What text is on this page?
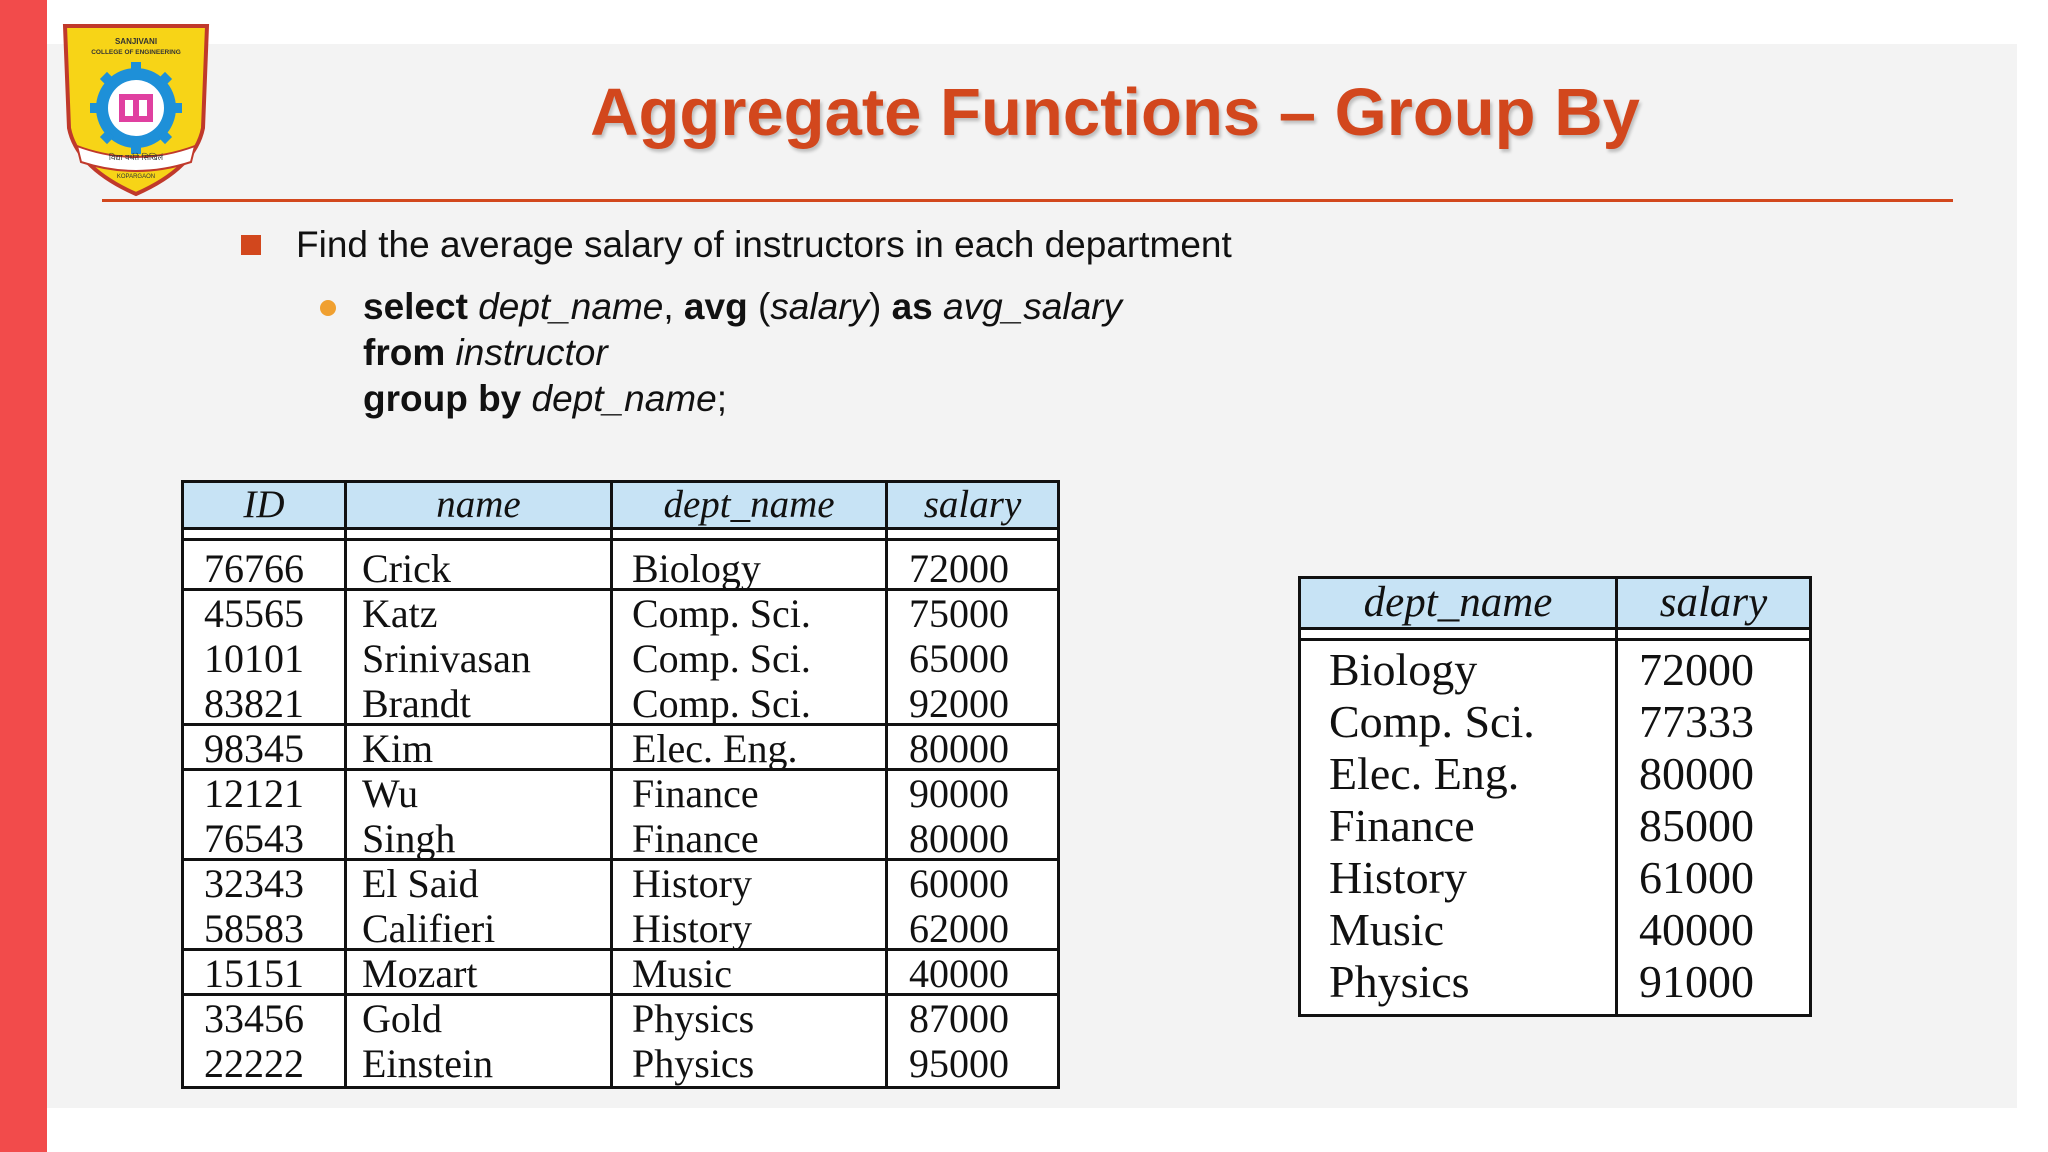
SANJIVANI
COLLEGE OF ENGINEERING
विद्या वर्धते सिखिलं
KOPARGAON
Aggregate Functions – Group By
Find the average salary of instructors in each department
select dept_name, avg (salary) as avg_salary
from instructor
group by dept_name;
ID	name	dept_name	salary
76766 Crick	Biology	72000
45565 Katz	Comp. Sci. 75000
10101 Srinivasan	Comp. Sci. 65000
83821 Brandt	Comp. Sci. 92000
98345 Kim	Elec. Eng.	80000
12121 Wu	Finance	90000
76543 Singh	Finance	80000
32343 El Said	History	60000
58583 Califieri	History	62000
15151 Mozart	Music	40000
33456 Gold	Physics	87000
22222 Einstein	Physics	95000
dept_name	salary
Biology	72000
Comp. Sci. 77333
Elec. Eng.	80000
Finance	85000
History	61000
Music	40000
Physics	91000
